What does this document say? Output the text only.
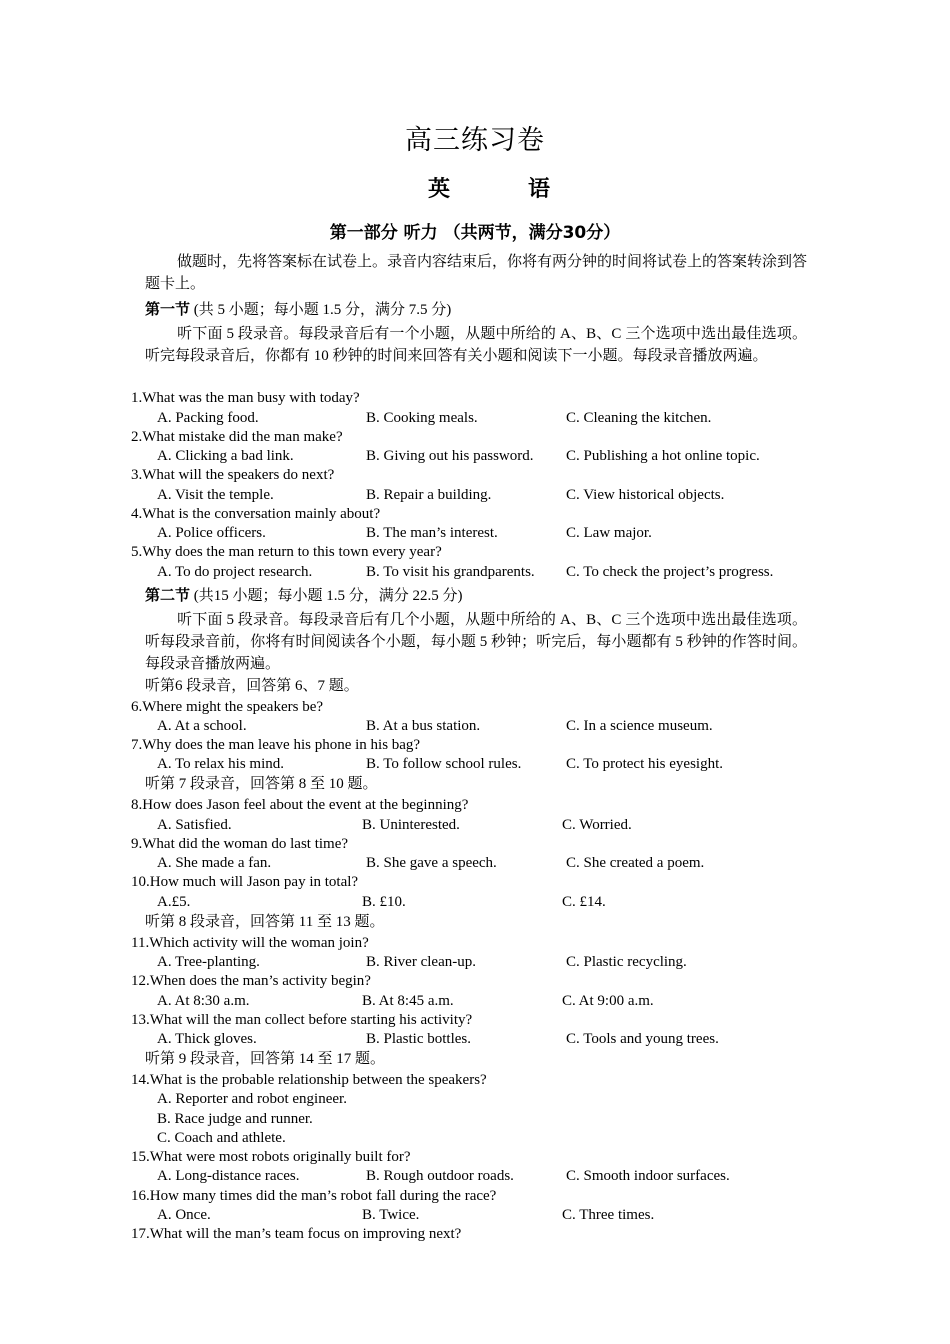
高三练习卷
英　语
第一部分 听力 （共两节，满分30分）
做题时，先将答案标在试卷上。录音内容结束后，你将有两分钟的时间将试卷上的答案转涂到答题卡上。
第一节 (共 5 小题；每小题 1.5 分，满分 7.5 分)
听下面 5 段录音。每段录音后有一个小题，从题中所给的 A、B、C 三个选项中选出最佳选项。听完每段录音后，你都有 10 秒钟的时间来回答有关小题和阅读下一小题。每段录音播放两遍。
1.What was the man busy with today?
A. Packing food.	B. Cooking meals.	C. Cleaning the kitchen.
2.What mistake did the man make?
A. Clicking a bad link.	B. Giving out his password. C. Publishing a hot online topic.
3.What will the speakers do next?
A. Visit the temple.	B. Repair a building.	C. View historical objects.
4.What is the conversation mainly about?
A. Police officers.	B. The man’s interest.	C. Law major.
5.Why does the man return to this town every year?
A. To do project research.	B. To visit his grandparents. C. To check the project’s progress.
第二节 (共15 小题；每小题 1.5 分，满分 22.5 分)
听下面 5 段录音。每段录音后有几个小题，从题中所给的 A、B、C 三个选项中选出最佳选项。听每段录音前，你将有时间阅读各个小题，每小题 5 秒钟；听完后，每小题都有 5 秒钟的作答时间。每段录音播放两遍。
听第6 段录音，回答第 6、7 题。
6.Where might the speakers be?
A. At a school.	B. At a bus station.	C. In a science museum.
7.Why does the man leave his phone in his bag?
A. To relax his mind.	B. To follow school rules.	C. To protect his eyesight.
听第 7 段录音，回答第 8 至 10 题。
8.How does Jason feel about the event at the beginning?
A. Satisfied.	B. Uninterested.	C. Worried.
9.What did the woman do last time?
A. She made a fan.	B. She gave a speech.	C. She created a poem.
10.How much will Jason pay in total?
A.£5.	B. £10.	C. £14.
听第 8 段录音，回答第 11 至 13 题。
11.Which activity will the woman join?
A. Tree-planting.	B. River clean-up.	C. Plastic recycling.
12.When does the man’s activity begin?
A. At 8:30 a.m.	B. At 8:45 a.m.	C. At 9:00 a.m.
13.What will the man collect before starting his activity?
A. Thick gloves.	B. Plastic bottles.	C. Tools and young trees.
听第 9 段录音，回答第 14 至 17 题。
14.What is the probable relationship between the speakers?
A. Reporter and robot engineer.
B. Race judge and runner.
C. Coach and athlete.
15.What were most robots originally built for?
A. Long-distance races.	B. Rough outdoor roads.	C. Smooth indoor surfaces.
16.How many times did the man’s robot fall during the race?
A. Once.	B. Twice.	C. Three times.
17.What will the man’s team focus on improving next?
